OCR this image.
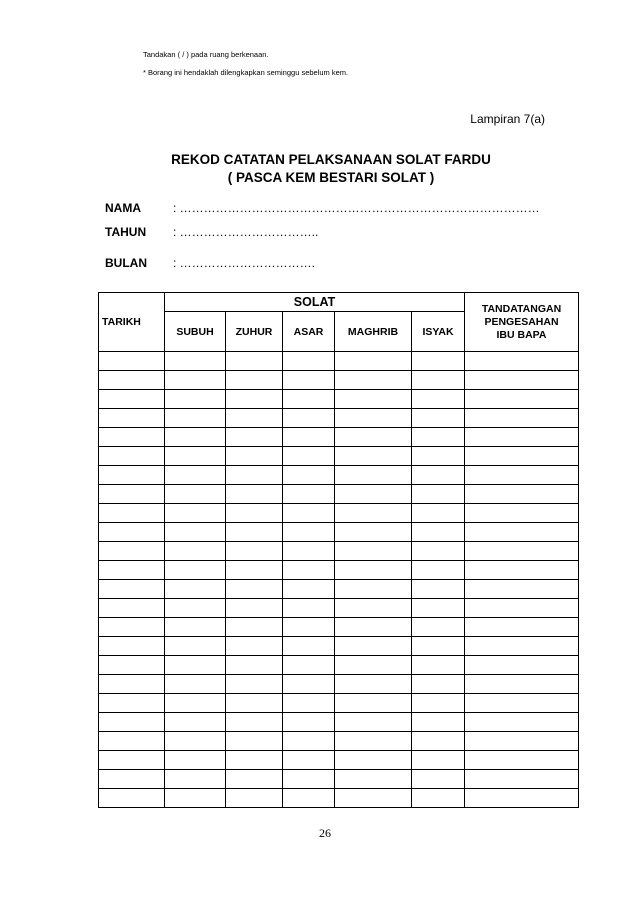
Tandakan ( / ) pada ruang berkenaan.
* Borang ini hendaklah dilengkapkan seminggu sebelum kem.
Lampiran 7(a)
REKOD CATATAN PELAKSANAAN SOLAT FARDU
( PASCA KEM BESTARI SOLAT )
NAMA	: ………………………………………………………………………………
TAHUN : ……………………………..
BULAN : …………………………….
TARIKH	SOLAT					TANDATANGAN
PENGESAHAN
IBU BAPA
	SUBUH	ZUHUR	ASAR	MAGHRIB	ISYAK	

26
